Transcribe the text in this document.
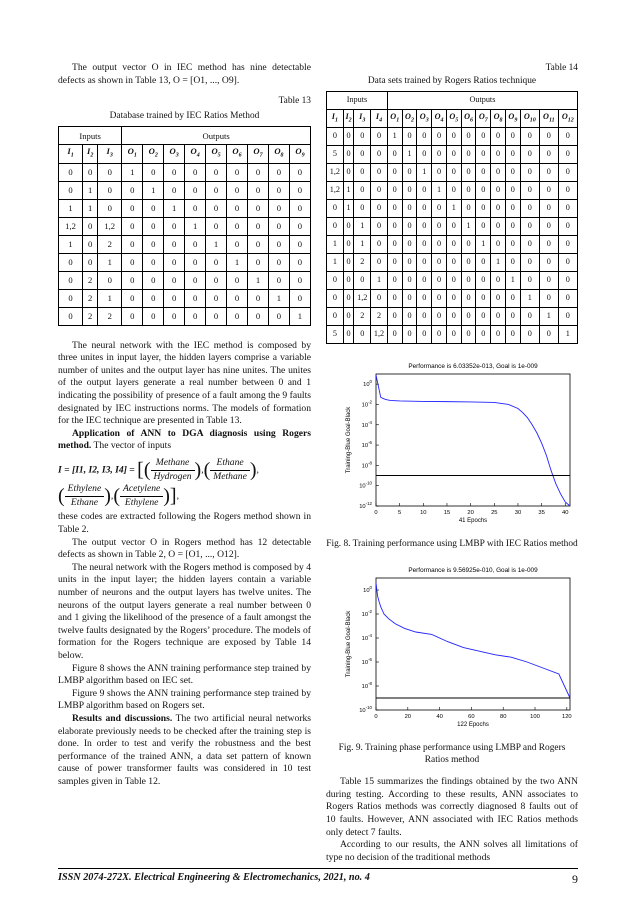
The output vector O in IEC method has nine detectable defects as shown in Table 13, O = [O1, ..., O9].

Table 13
Database trained by IEC Ratios Method
Inputs			Outputs								
$I_1$	$I_2$	$I_3$	$O_1$	$O_2$	$O_3$	$O_4$	$O_5$	$O_6$	$O_7$	$O_8$	$O_9$
0	0	0	1	0	0	0	0	0	0	0	0
0	1	0	0	1	0	0	0	0	0	0	0
1	1	0	0	0	1	0	0	0	0	0	0
1,2	0	1,2	0	0	0	1	0	0	0	0	0
1	0	2	0	0	0	0	1	0	0	0	0
0	0	1	0	0	0	0	0	1	0	0	0
0	2	0	0	0	0	0	0	0	1	0	0
0	2	1	0	0	0	0	0	0	0	1	0
0	2	2	0	0	0	0	0	0	0	0	1

The neural network with the IEC method is composed by three unites in input layer, the hidden layers comprise a variable number of unites and the output layer has nine unites. The unites of the output layers generate a real number between 0 and 1 indicating the possibility of presence of a fault among the 9 faults designated by IEC instructions norms. The models of formation for the IEC technique are presented in Table 13.

Application of ANN to DGA diagnosis using Rogers method. The vector of inputs

I = [I1, I2, I3, I4] = [( $\frac{\text{Methane}}{\text{Hydrogen}}$ ),( $\frac{\text{Ethane}}{\text{Methane}}$ ),
( $\frac{\text{Ethylene}}{\text{Ethane}}$ ),( $\frac{\text{Acetylene}}{\text{Ethylene}}$ )],

these codes are extracted following the Rogers method shown in Table 2.

The output vector O in Rogers method has 12 detectable defects as shown in Table 2, O = [O1, ..., O12].

The neural network with the Rogers method is composed by 4 units in the input layer; the hidden layers contain a variable number of neurons and the output layers has twelve unites. The neurons of the output layers generate a real number between 0 and 1 giving the likelihood of the presence of a fault amongst the twelve faults designated by the Rogers’ procedure. The models of formation for the Rogers technique are exposed by Table 14 below.

Figure 8 shows the ANN training performance step trained by LMBP algorithm based on IEC set.

Figure 9 shows the ANN training performance step trained by LMBP algorithm based on Rogers set.

Results and discussions. The two artificial neural networks elaborate previously needs to be checked after the training step is done. In order to test and verify the robustness and the best performance of the trained ANN, a data set pattern of known cause of power transformer faults was considered in 10 test samples given in Table 12.

Table 14
Data sets trained by Rogers Ratios technique
Inputs				Outputs											
$I_1$	$I_2$	$I_3$	$I_4$	$O_1$	$O_2$	$O_3$	$O_4$	$O_5$	$O_6$	$O_7$	$O_8$	$O_9$	$O_{10}$	$O_{11}$	$O_{12}$
0	0	0	0	1	0	0	0	0	0	0	0	0	0	0	0
5	0	0	0	0	1	0	0	0	0	0	0	0	0	0	0
1,2	0	0	0	0	0	1	0	0	0	0	0	0	0	0	0
1,2	1	0	0	0	0	0	1	0	0	0	0	0	0	0	0
0	1	0	0	0	0	0	0	1	0	0	0	0	0	0	0
0	0	1	0	0	0	0	0	0	1	0	0	0	0	0	0
1	0	1	0	0	0	0	0	0	0	1	0	0	0	0	0
1	0	2	0	0	0	0	0	0	0	0	1	0	0	0	0
0	0	0	1	0	0	0	0	0	0	0	0	1	0	0	0
0	0	1,2	0	0	0	0	0	0	0	0	0	0	1	0	0
0	0	2	2	0	0	0	0	0	0	0	0	0	0	1	0
5	0	0	1,2	0	0	0	0	0	0	0	0	0	0	0	1
Performance is 6.03352e-013, Goal is 1e-009
0	5	10	15	20	25	30	35	40
$10^0$
$10^{-2}$
$10^{-4}$
$10^{-6}$
$10^{-8}$
$10^{-10}$
$10^{-12}$
41 Epochs
Training-Blue Goal-Black
Fig. 8. Training performance using LMBP with IEC Ratios method
Performance is 9.56925e-010, Goal is 1e-009
0	20	40	60	80	100	120
$10^0$
$10^{-2}$
$10^{-4}$
$10^{-6}$
$10^{-8}$
$10^{-10}$
122 Epochs
Training-Blue Goal-Black
Fig. 9. Training phase performance using LMBP and Rogers Ratios method

Table 15 summarizes the findings obtained by the two ANN during testing. According to these results, ANN associates to Rogers Ratios methods was correctly diagnosed 8 faults out of 10 faults. However, ANN associated with IEC Ratios methods only detect 7 faults.

According to our results, the ANN solves all limitations of type no decision of the traditional methods

ISSN 2074-272X. Electrical Engineering & Electromechanics, 2021, no. 4	9
